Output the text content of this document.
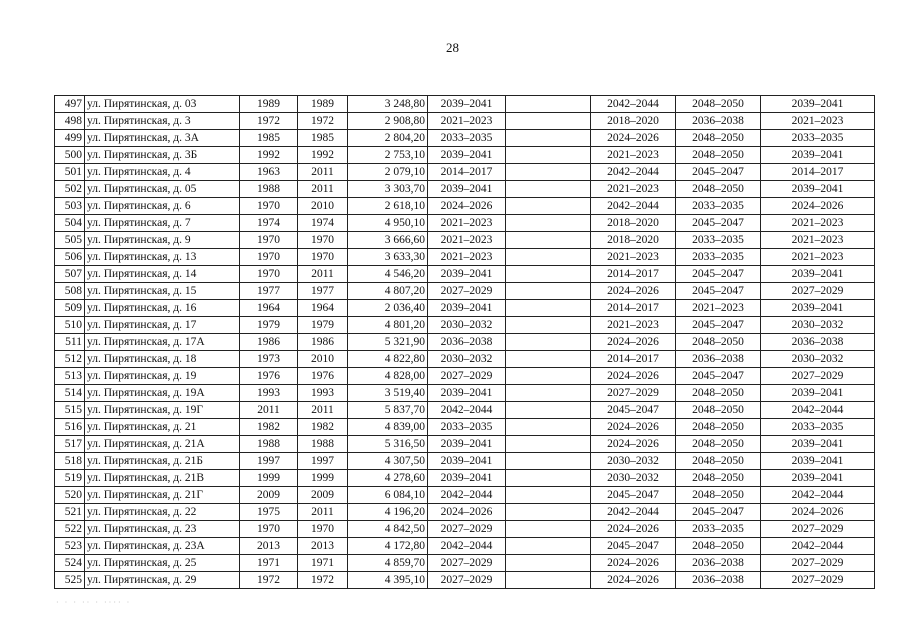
28
497	ул. Пирятинская, д. 03	1989	1989	3 248,80	2039–2041		2042–2044	2048–2050	2039–2041
498	ул. Пирятинская, д. 3	1972	1972	2 908,80	2021–2023		2018–2020	2036–2038	2021–2023
499	ул. Пирятинская, д. 3А	1985	1985	2 804,20	2033–2035		2024–2026	2048–2050	2033–2035
500	ул. Пирятинская, д. 3Б	1992	1992	2 753,10	2039–2041		2021–2023	2048–2050	2039–2041
501	ул. Пирятинская, д. 4	1963	2011	2 079,10	2014–2017		2042–2044	2045–2047	2014–2017
502	ул. Пирятинская, д. 05	1988	2011	3 303,70	2039–2041		2021–2023	2048–2050	2039–2041
503	ул. Пирятинская, д. 6	1970	2010	2 618,10	2024–2026		2042–2044	2033–2035	2024–2026
504	ул. Пирятинская, д. 7	1974	1974	4 950,10	2021–2023		2018–2020	2045–2047	2021–2023
505	ул. Пирятинская, д. 9	1970	1970	3 666,60	2021–2023		2018–2020	2033–2035	2021–2023
506	ул. Пирятинская, д. 13	1970	1970	3 633,30	2021–2023		2021–2023	2033–2035	2021–2023
507	ул. Пирятинская, д. 14	1970	2011	4 546,20	2039–2041		2014–2017	2045–2047	2039–2041
508	ул. Пирятинская, д. 15	1977	1977	4 807,20	2027–2029		2024–2026	2045–2047	2027–2029
509	ул. Пирятинская, д. 16	1964	1964	2 036,40	2039–2041		2014–2017	2021–2023	2039–2041
510	ул. Пирятинская, д. 17	1979	1979	4 801,20	2030–2032		2021–2023	2045–2047	2030–2032
511	ул. Пирятинская, д. 17А	1986	1986	5 321,90	2036–2038		2024–2026	2048–2050	2036–2038
512	ул. Пирятинская, д. 18	1973	2010	4 822,80	2030–2032		2014–2017	2036–2038	2030–2032
513	ул. Пирятинская, д. 19	1976	1976	4 828,00	2027–2029		2024–2026	2045–2047	2027–2029
514	ул. Пирятинская, д. 19А	1993	1993	3 519,40	2039–2041		2027–2029	2048–2050	2039–2041
515	ул. Пирятинская, д. 19Г	2011	2011	5 837,70	2042–2044		2045–2047	2048–2050	2042–2044
516	ул. Пирятинская, д. 21	1982	1982	4 839,00	2033–2035		2024–2026	2048–2050	2033–2035
517	ул. Пирятинская, д. 21А	1988	1988	5 316,50	2039–2041		2024–2026	2048–2050	2039–2041
518	ул. Пирятинская, д. 21Б	1997	1997	4 307,50	2039–2041		2030–2032	2048–2050	2039–2041
519	ул. Пирятинская, д. 21В	1999	1999	4 278,60	2039–2041		2030–2032	2048–2050	2039–2041
520	ул. Пирятинская, д. 21Г	2009	2009	6 084,10	2042–2044		2045–2047	2048–2050	2042–2044
521	ул. Пирятинская, д. 22	1975	2011	4 196,20	2024–2026		2042–2044	2045–2047	2024–2026
522	ул. Пирятинская, д. 23	1970	1970	4 842,50	2027–2029		2024–2026	2033–2035	2027–2029
523	ул. Пирятинская, д. 23А	2013	2013	4 172,80	2042–2044		2045–2047	2048–2050	2042–2044
524	ул. Пирятинская, д. 25	1971	1971	4 859,70	2027–2029		2024–2026	2036–2038	2027–2029
525	ул. Пирятинская, д. 29	1972	1972	4 395,10	2027–2029		2024–2026	2036–2038	2027–2029
· · · ·· · ···· ·
